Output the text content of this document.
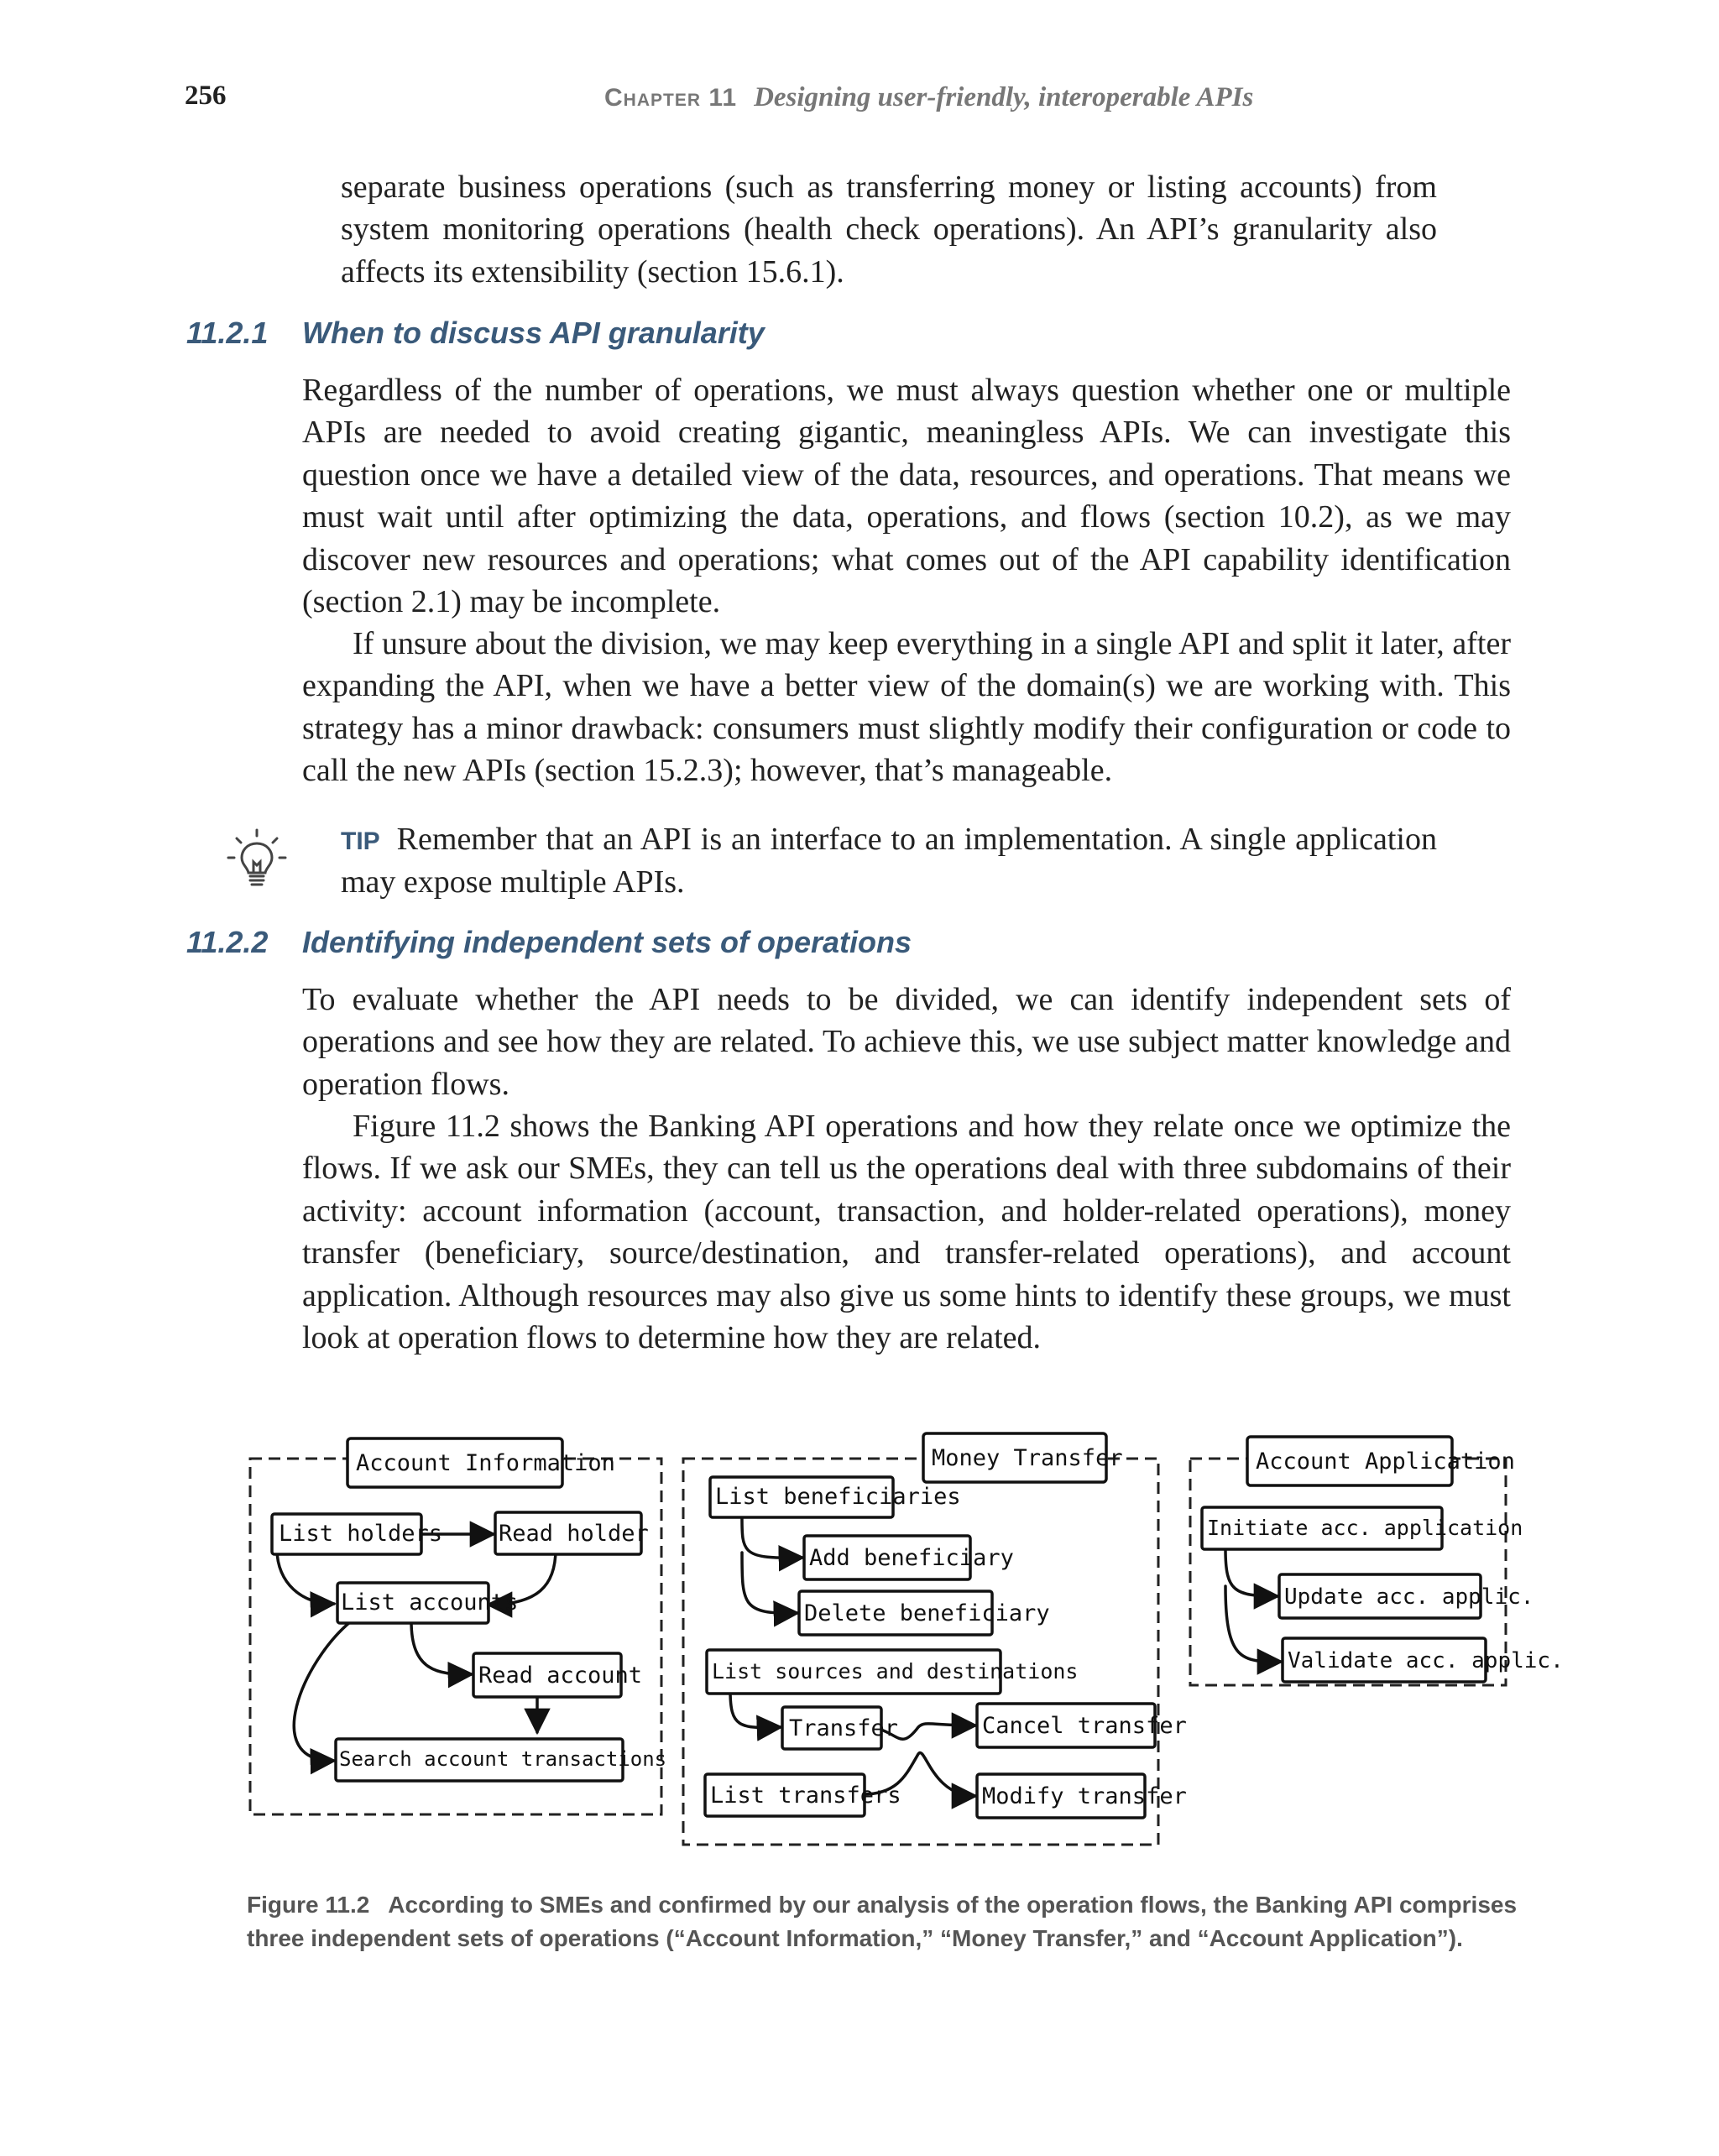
256	Chapter 11 Designing user-friendly, interoperable APIs

separate business operations (such as transferring money or listing accounts) from system monitoring operations (health check operations). An API’s granularity also affects its extensibility (section 15.6.1).

11.2.1 When to discuss API granularity

Regardless of the number of operations, we must always question whether one or multiple APIs are needed to avoid creating gigantic, meaningless APIs. We can investigate this question once we have a detailed view of the data, resources, and operations. That means we must wait until after optimizing the data, operations, and flows (section 10.2), as we may discover new resources and operations; what comes out of the API capability identification (section 2.1) may be incomplete.

If unsure about the division, we may keep everything in a single API and split it later, after expanding the API, when we have a better view of the domain(s) we are working with. This strategy has a minor drawback: consumers must slightly modify their configuration or code to call the new APIs (section 15.2.3); however, that’s manageable.

TIP Remember that an API is an interface to an implementation. A single application may expose multiple APIs.

11.2.2 Identifying independent sets of operations

To evaluate whether the API needs to be divided, we can identify independent sets of operations and see how they are related. To achieve this, we use subject matter knowledge and operation flows.

Figure 11.2 shows the Banking API operations and how they relate once we optimize the flows. If we ask our SMEs, they can tell us the operations deal with three subdomains of their activity: account information (account, transaction, and holder-related operations), money transfer (beneficiary, source/destination, and transfer-related operations), and account application. Although resources may also give us some hints to identify these groups, we must look at operation flows to determine how they are related.

Account Information	Money Transfer	Account Application
List holders Read holder
List accounts
Read account
Search account transactions
List beneficiaries
Add beneficiary
Delete beneficiary
List sources and destinations
Transfer	Cancel transfer
List transfers	Modify transfer
Initiate acc. application
Update acc. applic.
Validate acc. applic.

Figure 11.2 According to SMEs and confirmed by our analysis of the operation flows, the Banking API comprises three independent sets of operations (“Account Information,” “Money Transfer,” and “Account Application”).
